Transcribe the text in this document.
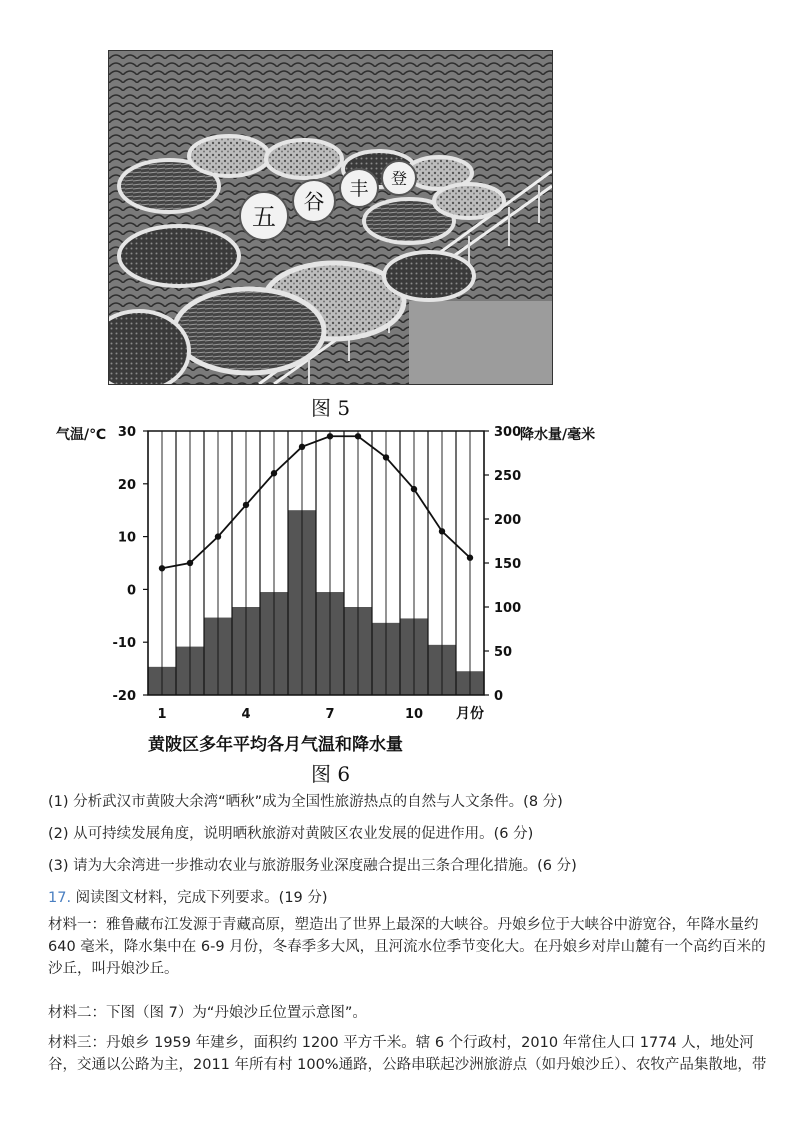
五
谷
丰 登
图 5
30
20
10
0
-10
-20
300
250
200
150
100
50
0
1	4	7	10 月份
气温/℃	降水量/毫米
黄陂区多年平均各月气温和降水量
图 6
(1) 分析武汉市黄陂大余湾“晒秋”成为全国性旅游热点的自然与人文条件。(8 分)
(2) 从可持续发展角度，说明晒秋旅游对黄陂区农业发展的促进作用。(6 分)
(3) 请为大余湾进一步推动农业与旅游服务业深度融合提出三条合理化措施。(6 分)
17. 阅读图文材料，完成下列要求。(19 分)
材料一：雅鲁藏布江发源于青藏高原，塑造出了世界上最深的大峡谷。丹娘乡位于大峡谷中游宽谷，年降水量约 640 毫米，降水集中在 6-9 月份，冬春季多大风，且河流水位季节变化大。在丹娘乡对岸山麓有一个高约百米的沙丘，叫丹娘沙丘。
材料二：下图（图 7）为“丹娘沙丘位置示意图”。
材料三：丹娘乡 1959 年建乡，面积约 1200 平方千米。辖 6 个行政村，2010 年常住人口 1774 人，地处河谷，交通以公路为主，2011 年所有村 100%通路，公路串联起沙洲旅游点（如丹娘沙丘）、农牧产品集散地，带
